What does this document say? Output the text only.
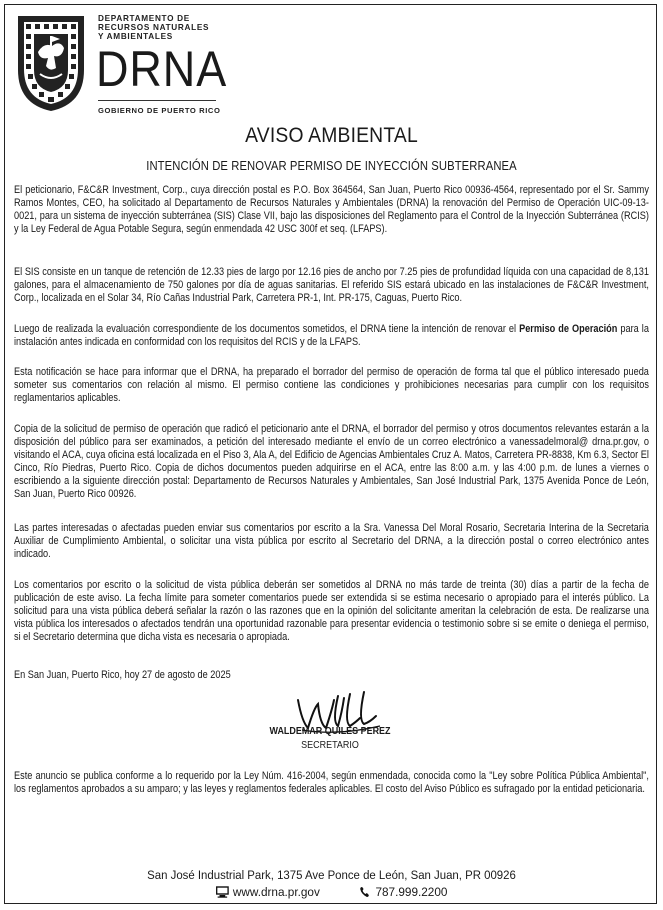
DEPARTAMENTO DE
RECURSOS NATURALES
Y AMBIENTALES
DRNA
GOBIERNO DE PUERTO RICO
AVISO AMBIENTAL
INTENCIÓN DE RENOVAR PERMISO DE INYECCIÓN SUBTERRANEA

El peticionario, F&C&R Investment, Corp., cuya dirección postal es P.O. Box 364564, San Juan, Puerto Rico 00936-4564, representado por el Sr. Sammy Ramos Montes, CEO, ha solicitado al Departamento de Recursos Naturales y Ambientales (DRNA) la renovación del Permiso de Operación UIC-09-13-0021, para un sistema de inyección subterránea (SIS) Clase VII, bajo las disposiciones del Reglamento para el Control de la Inyección Subterránea (RCIS) y la Ley Federal de Agua Potable Segura, según enmendada 42 USC 300f et seq. (LFAPS).

El SIS consiste en un tanque de retención de 12.33 pies de largo por 12.16 pies de ancho por 7.25 pies de profundidad líquida con una capacidad de 8,131 galones, para el almacenamiento de 750 galones por día de aguas sanitarias. El referido SIS estará ubicado en las instalaciones de F&C&R Investment, Corp., localizada en el Solar 34, Río Cañas Industrial Park, Carretera PR-1, Int. PR-175, Caguas, Puerto Rico.

Luego de realizada la evaluación correspondiente de los documentos sometidos, el DRNA tiene la intención de renovar el Permiso de Operación para la instalación antes indicada en conformidad con los requisitos del RCIS y de la LFAPS.

Esta notificación se hace para informar que el DRNA, ha preparado el borrador del permiso de operación de forma tal que el público interesado pueda someter sus comentarios con relación al mismo. El permiso contiene las condiciones y prohibiciones necesarias para cumplir con los requisitos reglamentarios aplicables.

Copia de la solicitud de permiso de operación que radicó el peticionario ante el DRNA, el borrador del permiso y otros documentos relevantes estarán a la disposición del público para ser examinados, a petición del interesado mediante el envío de un correo electrónico a vanessadelmoral@ drna.pr.gov, o visitando el ACA, cuya oficina está localizada en el Piso 3, Ala A, del Edificio de Agencias Ambientales Cruz A. Matos, Carretera PR-8838, Km 6.3, Sector El Cinco, Río Piedras, Puerto Rico. Copia de dichos documentos pueden adquirirse en el ACA, entre las 8:00 a.m. y las 4:00 p.m. de lunes a viernes o escribiendo a la siguiente dirección postal: Departamento de Recursos Naturales y Ambientales, San José Industrial Park, 1375 Avenida Ponce de León, San Juan, Puerto Rico 00926.

Las partes interesadas o afectadas pueden enviar sus comentarios por escrito a la Sra. Vanessa Del Moral Rosario, Secretaria Interina de la Secretaria Auxiliar de Cumplimiento Ambiental, o solicitar una vista pública por escrito al Secretario del DRNA, a la dirección postal o correo electrónico antes indicado.

Los comentarios por escrito o la solicitud de vista pública deberán ser sometidos al DRNA no más tarde de treinta (30) días a partir de la fecha de publicación de este aviso. La fecha límite para someter comentarios puede ser extendida si se estima necesario o apropiado para el interés público. La solicitud para una vista pública deberá señalar la razón o las razones que en la opinión del solicitante ameritan la celebración de esta. De realizarse una vista pública los interesados o afectados tendrán una oportunidad razonable para presentar evidencia o testimonio sobre si se emite o deniega el permiso, si el Secretario determina que dicha vista es necesaria o apropiada.

En San Juan, Puerto Rico, hoy 27 de agosto de 2025

WALDEMAR QUILES PEREZ
SECRETARIO

Este anuncio se publica conforme a lo requerido por la Ley Núm. 416-2004, según enmendada, conocida como la "Ley sobre Política Pública Ambiental", los reglamentos aprobados a su amparo; y las leyes y reglamentos federales aplicables. El costo del Aviso Público es sufragado por la entidad peticionaria.

San José Industrial Park, 1375 Ave Ponce de León, San Juan, PR 00926
www.drna.pr.gov	787.999.2200
